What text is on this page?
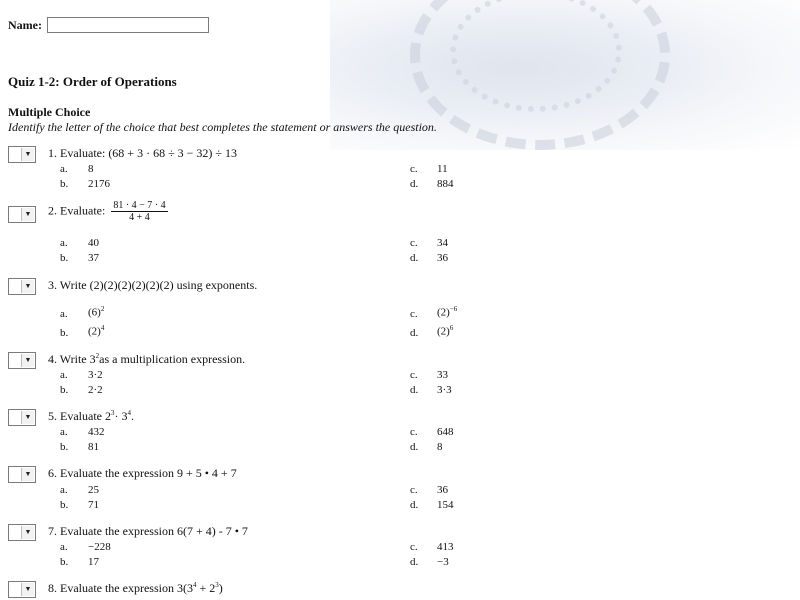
Name:
Quiz 1-2: Order of Operations
Multiple Choice
Identify the letter of the choice that best completes the statement or answers the question.
▼ 1. Evaluate: (68 + 3 · 68 ÷ 3 − 32) ÷ 13
a. 8
b. 2176
c. 11
d. 884
▼ 2. Evaluate: $\frac{81 \cdot 4 - 7 \cdot 4}{4 + 4}$
a. 40
b. 37
c. 34
d. 36
▼ 3. Write (2)(2)(2)(2)(2)(2) using exponents.
a. $(6)^2$
b. $(2)^4$
c. $(2)^{-6}$
d. $(2)^6$
▼ 4. Write $3^2as$ a multiplication expression.
a. 3·2
b. 2·2
c. 33
d. 3·3
▼ 5. Evaluate $2^3\cdot 3^4$.
a. 432
b. 81
c. 648
d. 8
▼ 6. Evaluate the expression 9 + 5 • 4 + 7
a. 25
b. 71
c. 36
d. 154
▼ 7. Evaluate the expression 6(7 + 4) - 7 • 7
a. −228
b. 17
c. 413
d. −3
▼ 8. Evaluate the expression $3(3^4 + 2^3)$
